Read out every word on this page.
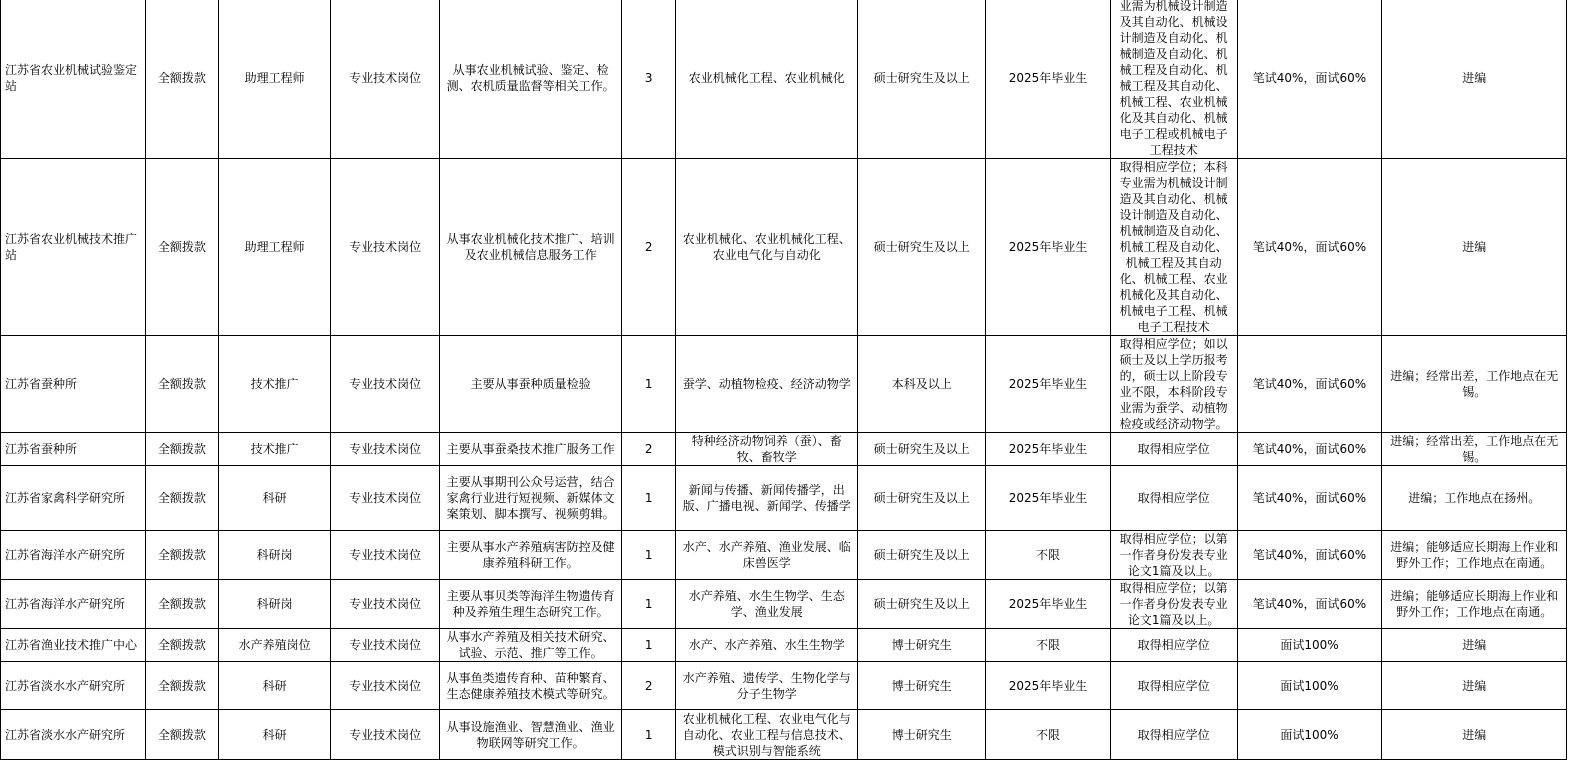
江苏省农业机械试验鉴定站	全额拨款	助理工程师	专业技术岗位	从事农业机械试验、鉴定、检测、农机质量监督等相关工作。	3	农业机械化工程、农业机械化	硕士研究生及以上	2025年毕业生	业需为机械设计制造及其自动化、机械设计制造及自动化、机械制造及自动化、机械工程及自动化、机械工程及其自动化、机械工程、农业机械化及其自动化、机械电子工程或机械电子工程技术	笔试40%，面试60%	进编
江苏省农业机械技术推广站	全额拨款	助理工程师	专业技术岗位	从事农业机械化技术推广、培训及农业机械信息服务工作	2	农业机械化、农业机械化工程、农业电气化与自动化	硕士研究生及以上	2025年毕业生	取得相应学位；本科专业需为机械设计制造及其自动化、机械设计制造及自动化、机械制造及自动化、机械工程及自动化、机械工程及其自动化、机械工程、农业机械化及其自动化、机械电子工程、机械电子工程技术	笔试40%，面试60%	进编
江苏省蚕种所	全额拨款	技术推广	专业技术岗位	主要从事蚕种质量检验	1	蚕学、动植物检疫、经济动物学	本科及以上	2025年毕业生	取得相应学位；如以硕士及以上学历报考的，硕士以上阶段专业不限，本科阶段专业需为蚕学、动植物检疫或经济动物学。	笔试40%，面试60%	进编；经常出差，工作地点在无锡。
江苏省蚕种所	全额拨款	技术推广	专业技术岗位	主要从事蚕桑技术推广服务工作	2	特种经济动物饲养（蚕）、畜牧、畜牧学	硕士研究生及以上	2025年毕业生	取得相应学位	笔试40%，面试60%	进编；经常出差，工作地点在无锡。
江苏省家禽科学研究所	全额拨款	科研	专业技术岗位	主要从事期刊公众号运营，结合家禽行业进行短视频、新媒体文案策划、脚本撰写、视频剪辑。	1	新闻与传播、新闻传播学，出版、广播电视、新闻学、传播学	硕士研究生及以上	2025年毕业生	取得相应学位	笔试40%，面试60%	进编；工作地点在扬州。
江苏省海洋水产研究所	全额拨款	科研岗	专业技术岗位	主要从事水产养殖病害防控及健康养殖科研工作。	1	水产、水产养殖、渔业发展、临床兽医学	硕士研究生及以上	不限	取得相应学位；以第一作者身份发表专业论文1篇及以上。	笔试40%，面试60%	进编；能够适应长期海上作业和野外工作；工作地点在南通。
江苏省海洋水产研究所	全额拨款	科研岗	专业技术岗位	主要从事贝类等海洋生物遗传育种及养殖生理生态研究工作。	1	水产养殖、水生生物学、生态学、渔业发展	硕士研究生及以上	2025年毕业生	取得相应学位；以第一作者身份发表专业论文1篇及以上。	笔试40%，面试60%	进编；能够适应长期海上作业和野外工作；工作地点在南通。
江苏省渔业技术推广中心	全额拨款	水产养殖岗位	专业技术岗位	从事水产养殖及相关技术研究、试验、示范、推广等工作。	1	水产、水产养殖、水生生物学	博士研究生	不限	取得相应学位	面试100%	进编
江苏省淡水水产研究所	全额拨款	科研	专业技术岗位	从事鱼类遗传育种、苗种繁育、生态健康养殖技术模式等研究。	2	水产养殖、遗传学、生物化学与分子生物学	博士研究生	2025年毕业生	取得相应学位	面试100%	进编
江苏省淡水水产研究所	全额拨款	科研	专业技术岗位	从事设施渔业、智慧渔业、渔业物联网等研究工作。	1	农业机械化工程、农业电气化与自动化、农业工程与信息技术、模式识别与智能系统	博士研究生	不限	取得相应学位	面试100%	进编
